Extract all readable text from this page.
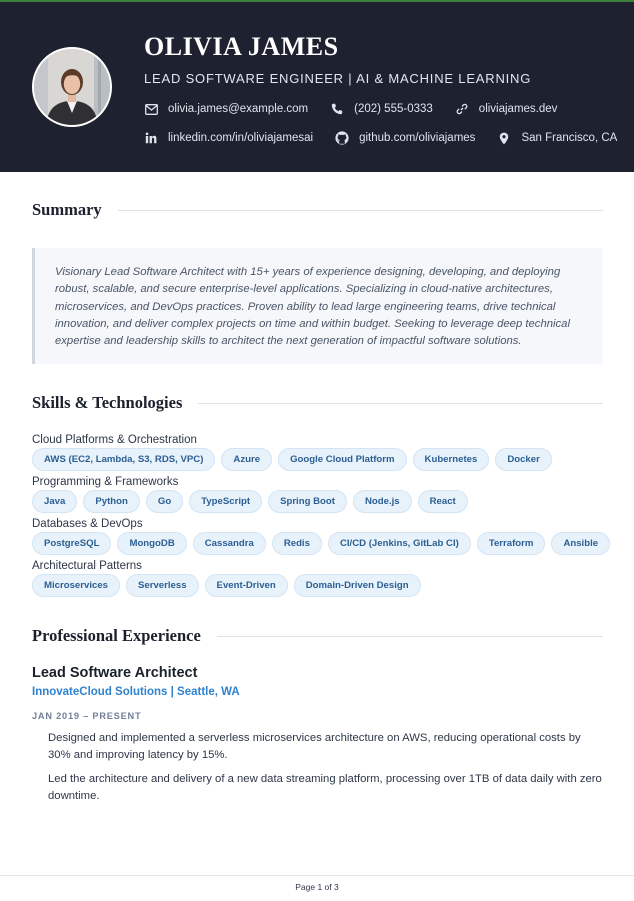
OLIVIA JAMES
LEAD SOFTWARE ENGINEER | AI & MACHINE LEARNING
olivia.james@example.com	(202) 555-0333	oliviajames.dev
linkedin.com/in/oliviajamesai	github.com/oliviajames	San Francisco, CA
Summary

Visionary Lead Software Architect with 15+ years of experience designing, developing, and deploying robust, scalable, and secure enterprise-level applications. Specializing in cloud-native architectures, microservices, and DevOps practices. Proven ability to lead large engineering teams, drive technical innovation, and deliver complex projects on time and within budget. Seeking to leverage deep technical expertise and leadership skills to architect the next generation of impactful software solutions.

Skills & Technologies
Cloud Platforms & Orchestration
AWS (EC2, Lambda, S3, RDS, VPC)	Azure	Google Cloud Platform	Kubernetes	Docker
Programming & Frameworks
Java	Python	Go	TypeScript	Spring Boot	Node.js	React
Databases & DevOps
PostgreSQL	MongoDB	Cassandra	Redis	CI/CD (Jenkins, GitLab CI)	Terraform	Ansible
Architectural Patterns
Microservices	Serverless	Event-Driven	Domain-Driven Design
Professional Experience
Lead Software Architect
InnovateCloud Solutions | Seattle, WA
JAN 2019 – PRESENT
Designed and implemented a serverless microservices architecture on AWS, reducing operational costs by 30% and improving latency by 15%.
Led the architecture and delivery of a new data streaming platform, processing over 1TB of data daily with zero downtime.
Page 1 of 3
